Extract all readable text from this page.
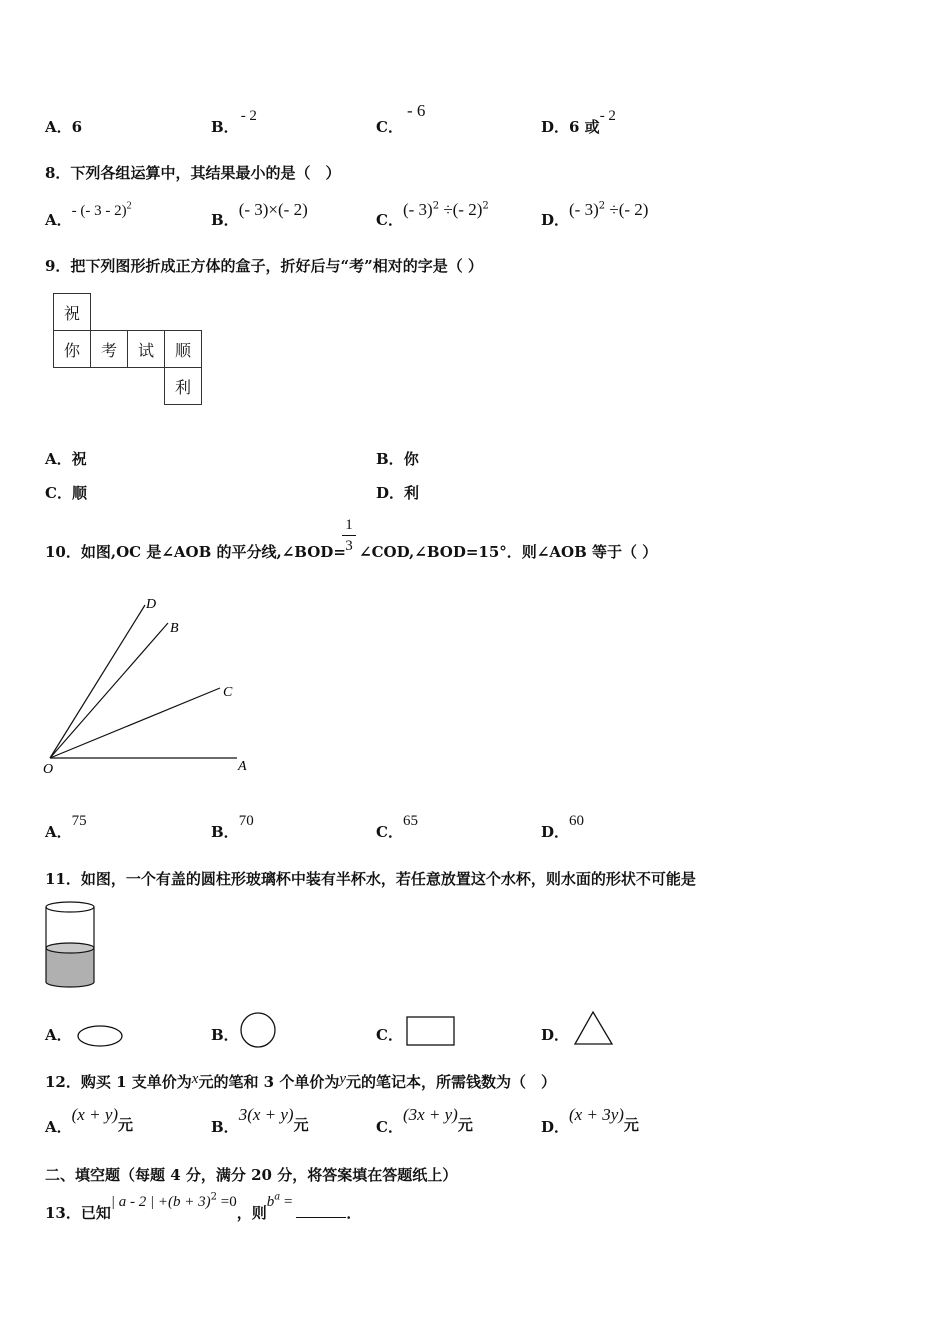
A．6	B．- 2
C．- 6
D．6 或- 2
8．下列各组运算中，其结果最小的是（　）
A．- (- 3 - 2)$^2$
B．(- 3)×(- 2)
C．(- 3)$^2$ ÷(- 2)$^2$
D．(- 3)$^2$ ÷(- 2)
9．把下列图形折成正方体的盒子，折好后与“考”相对的字是（ ）
祝			
你	考	试	顺
			利
A．祝	B．你
C．顺	D．利
10．如图,OC 是∠AOB 的平分线,∠BOD=
1
3 ∠COD,∠BOD=15°．则∠AOB 等于（ ）
D
B
C
O	A
A．75
B．70
C．65
D．60
11．如图，一个有盖的圆柱形玻璃杯中装有半杯水，若任意放置这个水杯，则水面的形状不可能是
A．	B．	C．	D．
12．购买 1 支单价为x元的笔和 3 个单价为y元的笔记本，所需钱数为（　）
A．(x + y)元	B．3(x + y)元	C．(3x + y)元	D．(x + 3y)元
二、填空题（每题 4 分，满分 20 分，将答案填在答题纸上）
13．已知| a - 2 | $+(b + 3)^2 =0$，则$b^a$ =．
